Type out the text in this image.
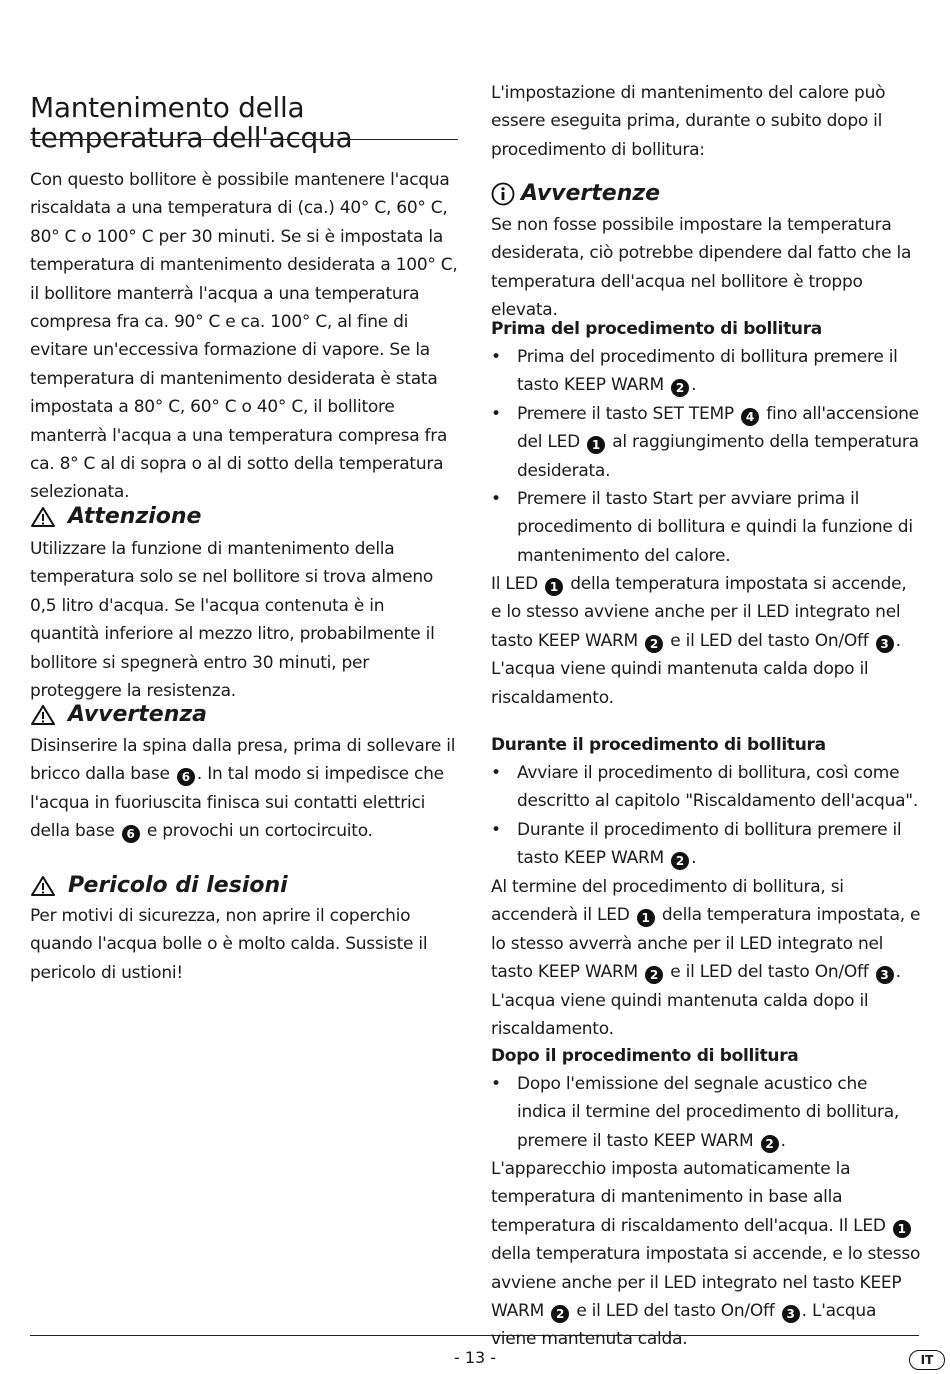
Mantenimento della temperatura dell'acqua

Con questo bollitore è possibile mantenere l'acqua riscaldata a una temperatura di (ca.) 40° C, 60° C, 80° C o 100° C per 30 minuti. Se si è impostata la temperatura di mantenimento desiderata a 100° C, il bollitore manterrà l'acqua a una temperatura compresa fra ca. 90° C e ca. 100° C, al fine di evitare un'eccessiva formazione di vapore. Se la temperatura di mantenimento desiderata è stata impostata a 80° C, 60° C o 40° C, il bollitore manterrà l'acqua a una temperatura compresa fra ca. 8° C al di sopra o al di sotto della temperatura selezionata.

Attenzione

Utilizzare la funzione di mantenimento della temperatura solo se nel bollitore si trova almeno 0,5 litro d'acqua. Se l'acqua contenuta è in quantità inferiore al mezzo litro, probabilmente il bollitore si spegnerà entro 30 minuti, per proteggere la resistenza.

Avvertenza

Disinserire la spina dalla presa, prima di sollevare il bricco dalla base 6 . In tal modo si impedisce che l'acqua in fuoriuscita finisca sui contatti elettrici della base 6 e provochi un cortocircuito.

Pericolo di lesioni

Per motivi di sicurezza, non aprire il coperchio quando l'acqua bolle o è molto calda. Sussiste il pericolo di ustioni!

L'impostazione di mantenimento del calore può essere eseguita prima, durante o subito dopo il procedimento di bollitura:

Avvertenze

Se non fosse possibile impostare la temperatura desiderata, ciò potrebbe dipendere dal fatto che la temperatura dell'acqua nel bollitore è troppo elevata.

Prima del procedimento di bollitura
• Prima del procedimento di bollitura premere il tasto KEEP WARM 2 .
• Premere il tasto SET TEMP 4 fino all'accensione del LED 1 al raggiungimento della temperatura desiderata.
• Premere il tasto Start per avviare prima il procedimento di bollitura e quindi la funzione di mantenimento del calore.

Il LED 1 della temperatura impostata si accende, e lo stesso avviene anche per il LED integrato nel tasto KEEP WARM 2 e il LED del tasto On/Off 3 . L'acqua viene quindi mantenuta calda dopo il riscaldamento.

Durante il procedimento di bollitura
• Avviare il procedimento di bollitura, così come descritto al capitolo "Riscaldamento dell'acqua".
• Durante il procedimento di bollitura premere il tasto KEEP WARM 2 .

Al termine del procedimento di bollitura, si accenderà il LED 1 della temperatura impostata, e lo stesso avverrà anche per il LED integrato nel tasto KEEP WARM 2 e il LED del tasto On/Off 3 . L'acqua viene quindi mantenuta calda dopo il riscaldamento.

Dopo il procedimento di bollitura
• Dopo l'emissione del segnale acustico che indica il termine del procedimento di bollitura, premere il tasto KEEP WARM 2 .

L'apparecchio imposta automaticamente la temperatura di mantenimento in base alla temperatura di riscaldamento dell'acqua. Il LED 1 della temperatura impostata si accende, e lo stesso avviene anche per il LED integrato nel tasto KEEP WARM 2 e il LED del tasto On/Off 3 . L'acqua viene mantenuta calda.

- 13 -	IT
